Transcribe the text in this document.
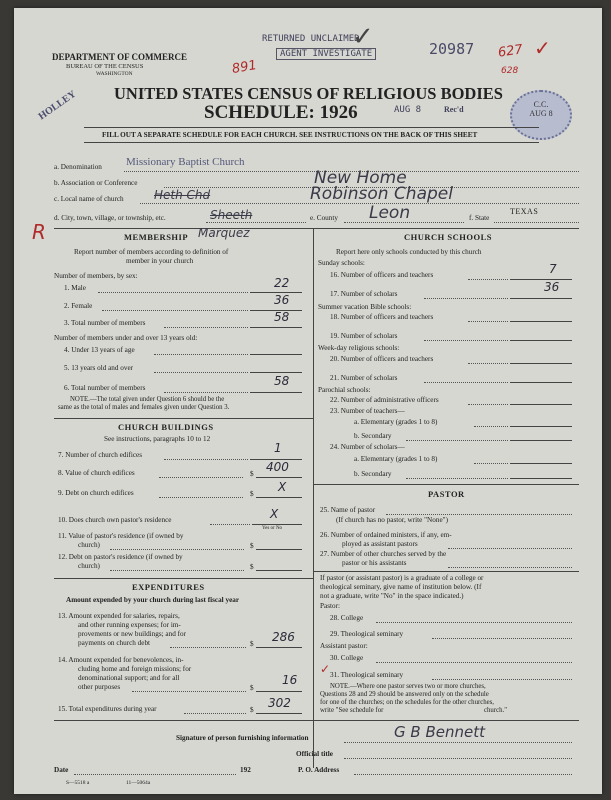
DEPARTMENT OF COMMERCE
BUREAU OF THE CENSUS
WASHINGTON
RETURNED UNCLAIMED
AGENT INVESTIGATE
✓
891
20987 627 ✓
628
HOLLEY UNITED STATES CENSUS OF RELIGIOUS BODIES
SCHEDULE: 1926	AUG 8	Rec'd
C.C.
AUG 8
FILL OUT A SEPARATE SCHEDULE FOR EACH CHURCH. SEE INSTRUCTIONS ON THE BACK OF THIS SHEET
a. Denomination Missionary Baptist Church
b. Association or Conference	New Home
c. Local name of church	Heth Chd	Robinson Chapel
d. City, town, village, or township, etc.	Sheeth	e. County Leon	f. State
TEXAS
R	MEMBERSHIP Marquez
Report number of members according to definition of
member in your church
Number of members, by sex:
1. Male	22
2. Female	36
3. Total number of members	58
Number of members under and over 13 years old:
4. Under 13 years of age
5. 13 years old and over
6. Total number of members	58
NOTE.—The total given under Question 6 should be the
same as the total of males and females given under Question 3.
CHURCH BUILDINGS
See instructions, paragraphs 10 to 12
7. Number of church edifices	1
8. Value of church edifices	$ 400
9. Debt on church edifices	$ X
10. Does church own pastor's residence	X
Yes or No
11. Value of pastor's residence (if owned by
church)	$
12. Debt on pastor's residence (if owned by
church)	$
EXPENDITURES
Amount expended by your church during last fiscal year
13. Amount expended for salaries, repairs,
and other running expenses; for im-
provements or new buildings; and for
payments on church debt	$ 286
14. Amount expended for benevolences, in-
cluding home and foreign missions; for
denominational support; and for all
other purposes	$
16
15. Total expenditures during year	$ 302
CHURCH SCHOOLS
Report here only schools conducted by this church
Sunday schools:
16. Number of officers and teachers	7
17. Number of scholars	36
Summer vacation Bible schools:
18. Number of officers and teachers
19. Number of scholars
Week-day religious schools:
20. Number of officers and teachers
21. Number of scholars
Parochial schools:
22. Number of administrative officers
23. Number of teachers—
a. Elementary (grades 1 to 8)
b. Secondary
24. Number of scholars—
a. Elementary (grades 1 to 8)
b. Secondary
PASTOR
25. Name of pastor
(If church has no pastor, write "None")
26. Number of ordained ministers, if any, em-
ployed as assistant pastors
27. Number of other churches served by the
pastor or his assistants
If pastor (or assistant pastor) is a graduate of a college or
theological seminary, give name of institution below. (If
not a graduate, write "No" in the space indicated.)
Pastor:
28. College
29. Theological seminary
Assistant pastor:
30. College
✓ 31. Theological seminary
NOTE.—Where one pastor serves two or more churches,
Questions 28 and 29 should be answered only on the schedule
for one of the churches; on the schedules for the other churches,
write "See schedule for	church."
Signature of person furnishing information	G B Bennett
Official title
Date	192	P. O. Address
S—5518 a	11—5064a
